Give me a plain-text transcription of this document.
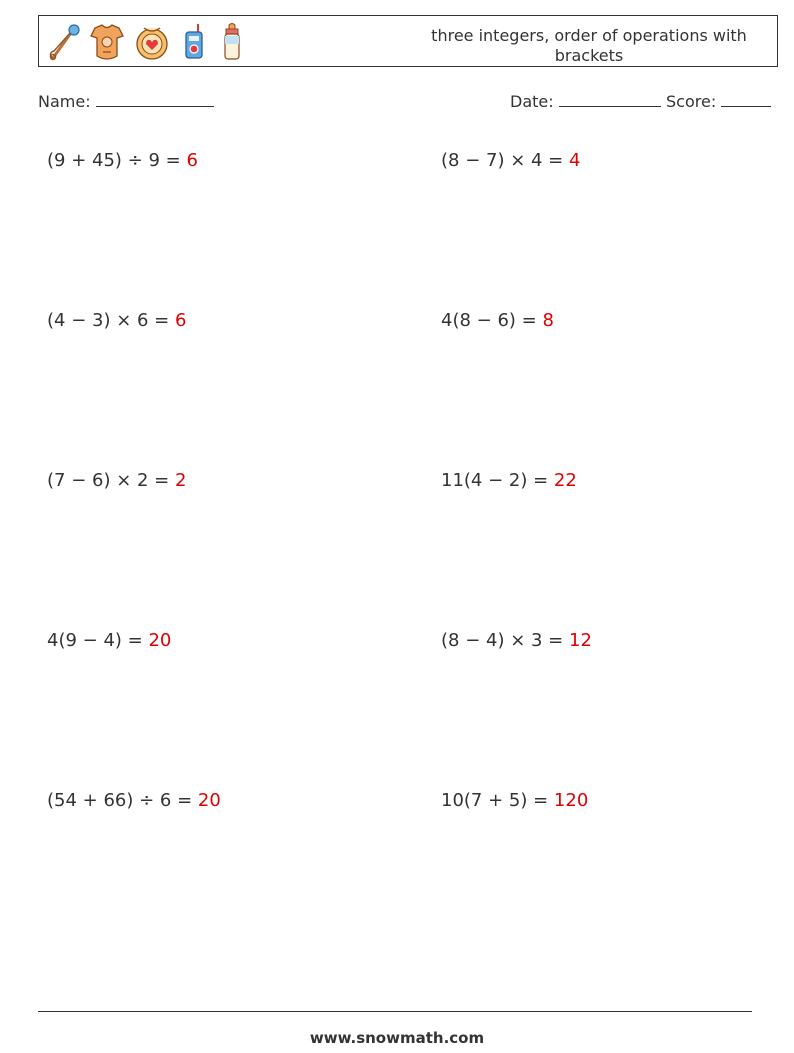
three integers, order of operations with brackets
Name:	Date:	Score:
(9 + 45) ÷ 9 = 6	(8 − 7) × 4 = 4
(4 − 3) × 6 = 6	4(8 − 6) = 8
(7 − 6) × 2 = 2	11(4 − 2) = 22
4(9 − 4) = 20	(8 − 4) × 3 = 12
(54 + 66) ÷ 6 = 20	10(7 + 5) = 120
www.snowmath.com
